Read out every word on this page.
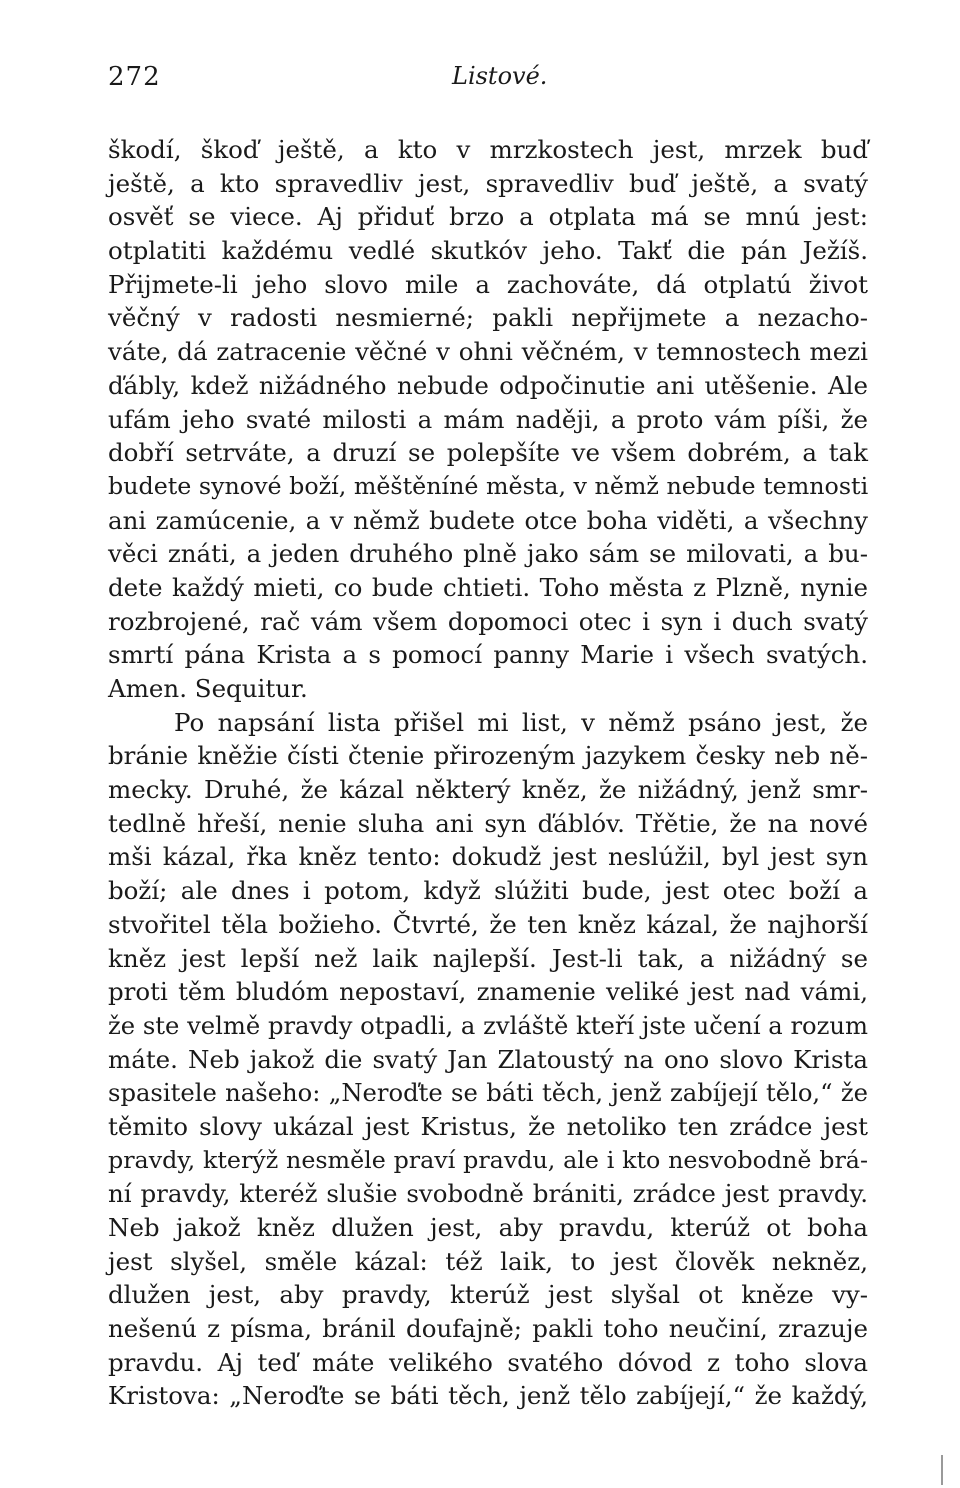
272	Listové.
škodí, škoď ještě, a kto v mrzkostech jest, mrzek buď
ještě, a kto spravedliv jest, spravedliv buď ještě, a svatý
osvěť se viece. Aj přiduť brzo a otplata má se mnú jest:
otplatiti každému vedlé skutkóv jeho. Takť die pán Ježíš.
Přijmete-li jeho slovo mile a zachováte, dá otplatú život
věčný v radosti nesmierné; pakli nepřijmete a nezacho-
váte, dá zatracenie věčné v ohni věčném, v temnostech mezi
ďábly, kdež nižádného nebude odpočinutie ani utěšenie. Ale
ufám jeho svaté milosti a mám naději, a proto vám píši, že
dobří setrváte, a druzí se polepšíte ve všem dobrém, a tak
budete synové boží, měštěníné města, v němž nebude temnosti
ani zamúcenie, a v němž budete otce boha viděti, a všechny
věci znáti, a jeden druhého plně jako sám se milovati, a bu-
dete každý mieti, co bude chtieti. Toho města z Plzně, nynie
rozbrojené, rač vám všem dopomoci otec i syn i duch svatý
smrtí pána Krista a s pomocí panny Marie i všech svatých.
Amen. Sequitur.
Po napsání lista přišel mi list, v němž psáno jest, že
bránie kněžie čísti čtenie přirozeným jazykem česky neb ně-
mecky. Druhé, že kázal některý kněz, že nižádný, jenž smr-
tedlně hřeší, nenie sluha ani syn ďáblóv. Třětie, že na nové
mši kázal, řka kněz tento: dokudž jest neslúžil, byl jest syn
boží; ale dnes i potom, když slúžiti bude, jest otec boží a
stvořitel těla božieho. Čtvrté, že ten kněz kázal, že najhorší
kněz jest lepší než laik najlepší. Jest-li tak, a nižádný se
proti těm bludóm nepostaví, znamenie veliké jest nad vámi,
že ste velmě pravdy otpadli, a zvláště kteří jste učení a rozum
máte. Neb jakož die svatý Jan Zlatoustý na ono slovo Krista
spasitele našeho: „Neroďte se báti těch, jenž zabíjejí tělo,“ že
těmito slovy ukázal jest Kristus, že netoliko ten zrádce jest
pravdy, kterýž nesměle praví pravdu, ale i kto nesvobodně brá-
ní pravdy, kteréž slušie svobodně brániti, zrádce jest pravdy.
Neb jakož kněz dlužen jest, aby pravdu, kterúž ot boha
jest slyšel, směle kázal: též laik, to jest člověk nekněz,
dlužen jest, aby pravdy, kterúž jest slyšal ot kněze vy-
nešenú z písma, bránil doufajně; pakli toho neučiní, zrazuje
pravdu. Aj teď máte velikého svatého dóvod z toho slova
Kristova: „Neroďte se báti těch, jenž tělo zabíjejí,“ že každý,
